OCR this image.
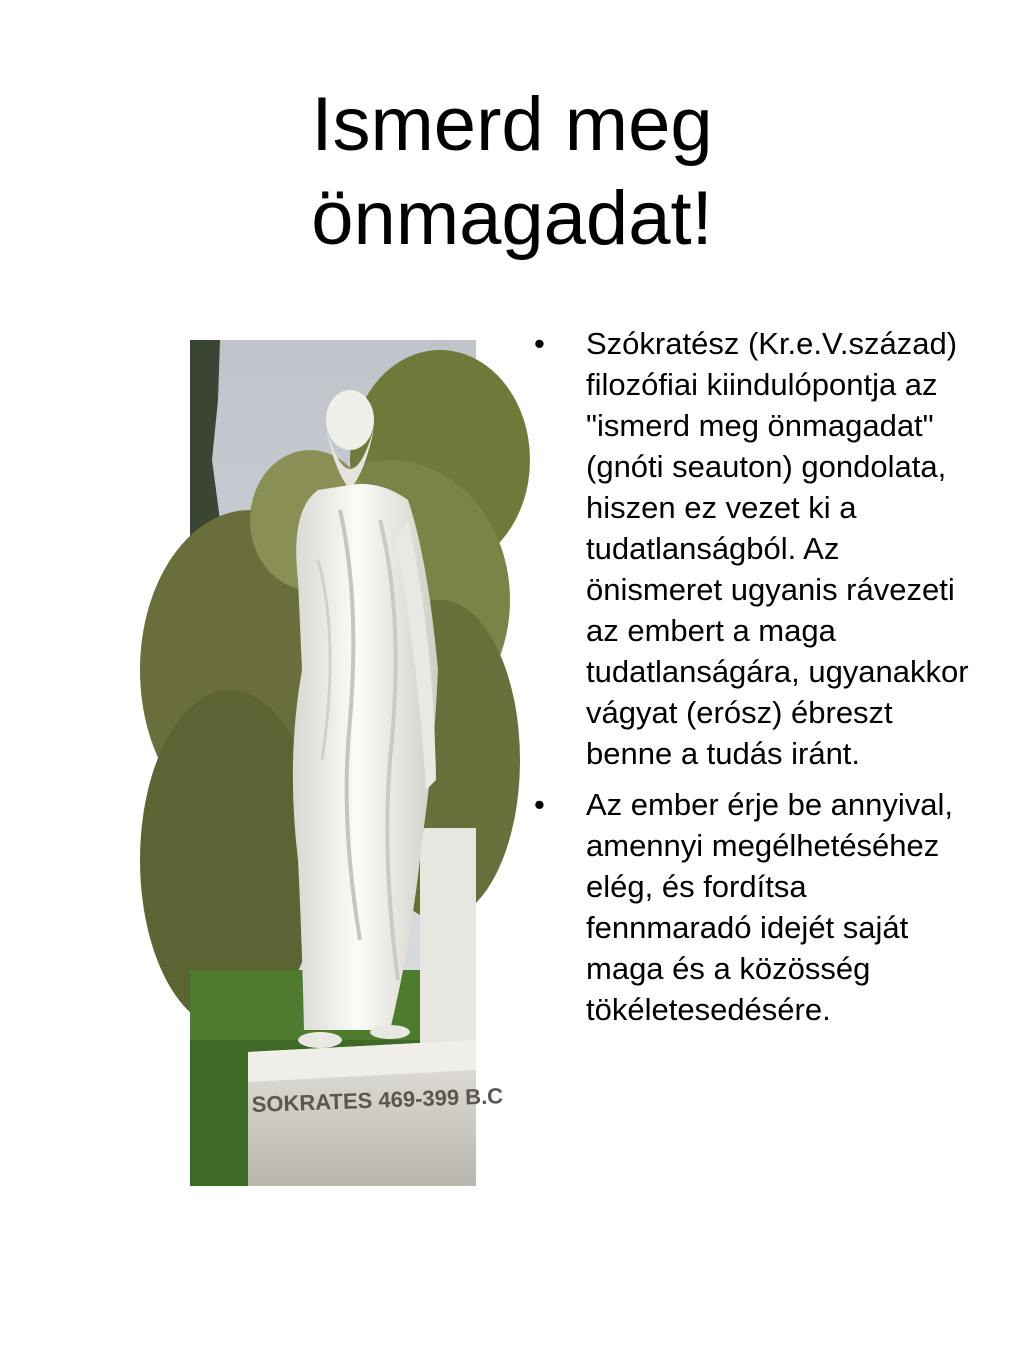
Ismerd meg
önmagadat!
SOKRATES 469-399 B.C
•	Szókratész (Kr.e.V.század) filozófiai kiindulópontja az "ismerd meg önmagadat" (gnóti seauton) gondolata, hiszen ez vezet ki a tudatlanságból. Az önismeret ugyanis rávezeti az embert a maga tudatlanságára, ugyanakkor vágyat (erósz) ébreszt benne a tudás iránt.
•	Az ember érje be annyival, amennyi megélhetéséhez elég, és fordítsa fennmaradó idejét saját maga és a közösség tökéletesedésére.
